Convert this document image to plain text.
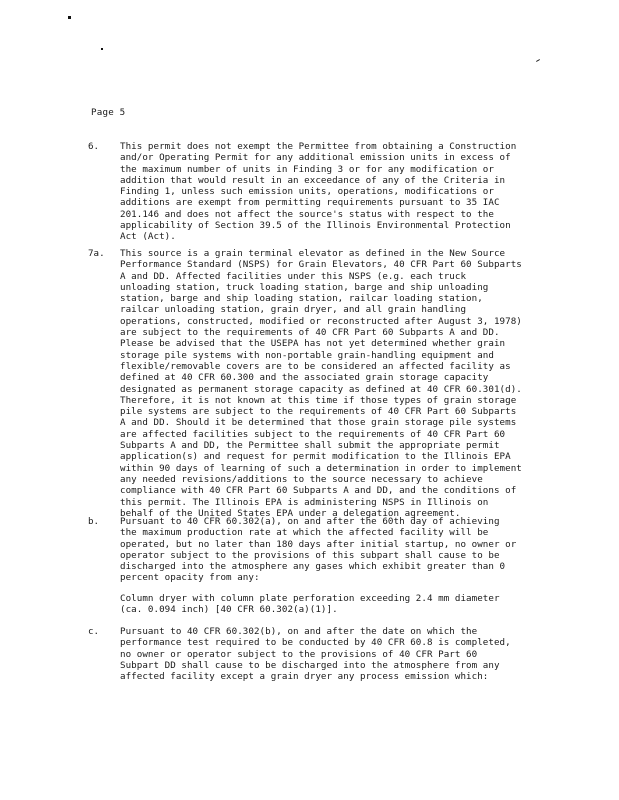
Page 5
6.	This permit does not exempt the Permittee from obtaining a Construction
and/or Operating Permit for any additional emission units in excess of
the maximum number of units in Finding 3 or for any modification or
addition that would result in an exceedance of any of the Criteria in
Finding 1, unless such emission units, operations, modifications or
additions are exempt from permitting requirements pursuant to 35 IAC
201.146 and does not affect the source's status with respect to the
applicability of Section 39.5 of the Illinois Environmental Protection
Act (Act).
7a.	This source is a grain terminal elevator as defined in the New Source
Performance Standard (NSPS) for Grain Elevators, 40 CFR Part 60 Subparts
A and DD. Affected facilities under this NSPS (e.g. each truck
unloading station, truck loading station, barge and ship unloading
station, barge and ship loading station, railcar loading station,
railcar unloading station, grain dryer, and all grain handling
operations, constructed, modified or reconstructed after August 3, 1978)
are subject to the requirements of 40 CFR Part 60 Subparts A and DD.
Please be advised that the USEPA has not yet determined whether grain
storage pile systems with non-portable grain-handling equipment and
flexible/removable covers are to be considered an affected facility as
defined at 40 CFR 60.300 and the associated grain storage capacity
designated as permanent storage capacity as defined at 40 CFR 60.301(d).
Therefore, it is not known at this time if those types of grain storage
pile systems are subject to the requirements of 40 CFR Part 60 Subparts
A and DD. Should it be determined that those grain storage pile systems
are affected facilities subject to the requirements of 40 CFR Part 60
Subparts A and DD, the Permittee shall submit the appropriate permit
application(s) and request for permit modification to the Illinois EPA
within 90 days of learning of such a determination in order to implement
any needed revisions/additions to the source necessary to achieve
compliance with 40 CFR Part 60 Subparts A and DD, and the conditions of
this permit. The Illinois EPA is administering NSPS in Illinois on
behalf of the United States EPA under a delegation agreement.
b.	Pursuant to 40 CFR 60.302(a), on and after the 60th day of achieving
the maximum production rate at which the affected facility will be
operated, but no later than 180 days after initial startup, no owner or
operator subject to the provisions of this subpart shall cause to be
discharged into the atmosphere any gases which exhibit greater than 0
percent opacity from any:
Column dryer with column plate perforation exceeding 2.4 mm diameter
(ca. 0.094 inch) [40 CFR 60.302(a)(1)].
c.	Pursuant to 40 CFR 60.302(b), on and after the date on which the
performance test required to be conducted by 40 CFR 60.8 is completed,
no owner or operator subject to the provisions of 40 CFR Part 60
Subpart DD shall cause to be discharged into the atmosphere from any
affected facility except a grain dryer any process emission which:
